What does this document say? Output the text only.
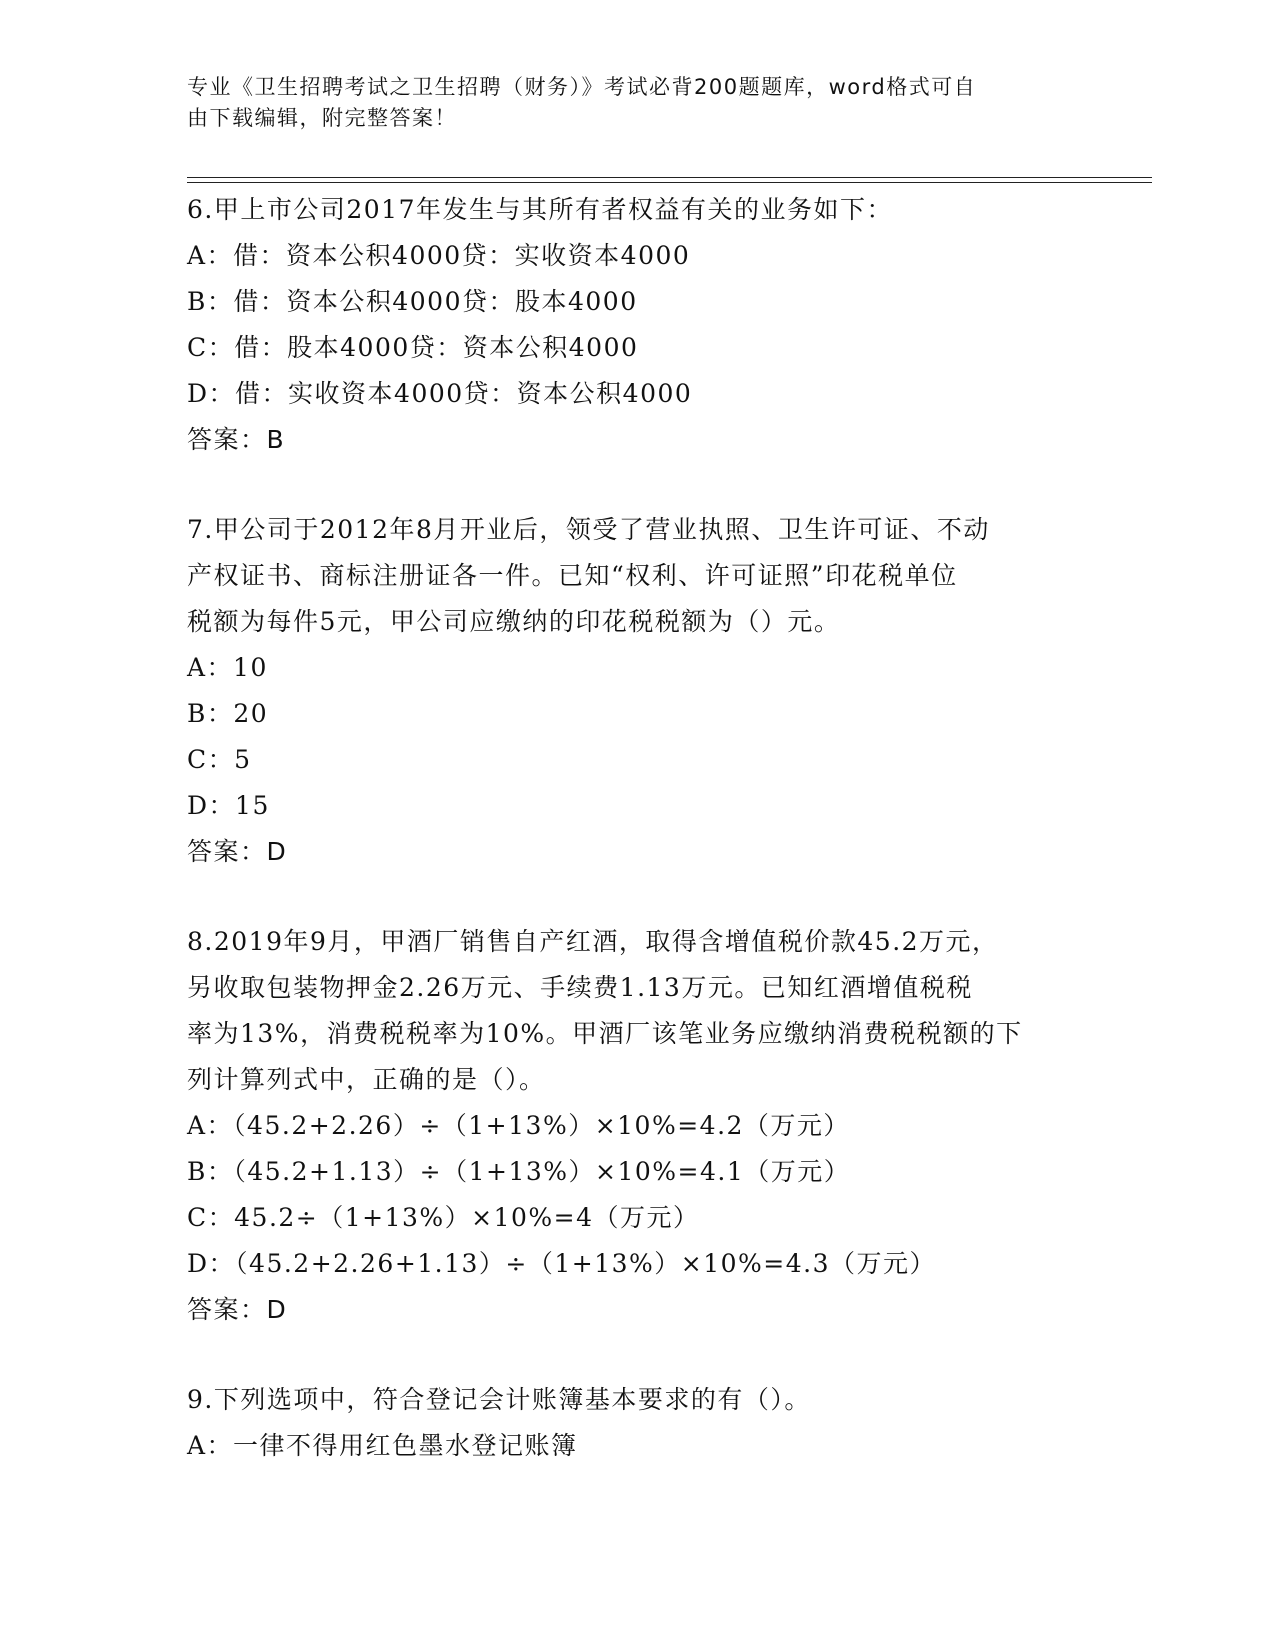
专业《卫生招聘考试之卫生招聘（财务）》考试必背200题题库，word格式可自
由下载编辑，附完整答案！
6.甲上市公司2017年发生与其所有者权益有关的业务如下：
A：借：资本公积4000贷：实收资本4000
B：借：资本公积4000贷：股本4000
C：借：股本4000贷：资本公积4000
D：借：实收资本4000贷：资本公积4000
答案：B
7.甲公司于2012年8月开业后，领受了营业执照、卫生许可证、不动
产权证书、商标注册证各一件。已知“权利、许可证照”印花税单位
税额为每件5元，甲公司应缴纳的印花税税额为（）元。
A：10
B：20
C：5
D：15
答案：D
8.2019年9月，甲酒厂销售自产红酒，取得含增值税价款45.2万元，
另收取包装物押金2.26万元、手续费1.13万元。已知红酒增值税税
率为13%，消费税税率为10%。甲酒厂该笔业务应缴纳消费税税额的下
列计算列式中，正确的是（）。
A：（45.2+2.26）÷（1+13%）×10%=4.2（万元）
B：（45.2+1.13）÷（1+13%）×10%=4.1（万元）
C：45.2÷（1+13%）×10%=4（万元）
D：（45.2+2.26+1.13）÷（1+13%）×10%=4.3（万元）
答案：D
9.下列选项中，符合登记会计账簿基本要求的有（）。
A：一律不得用红色墨水登记账簿
